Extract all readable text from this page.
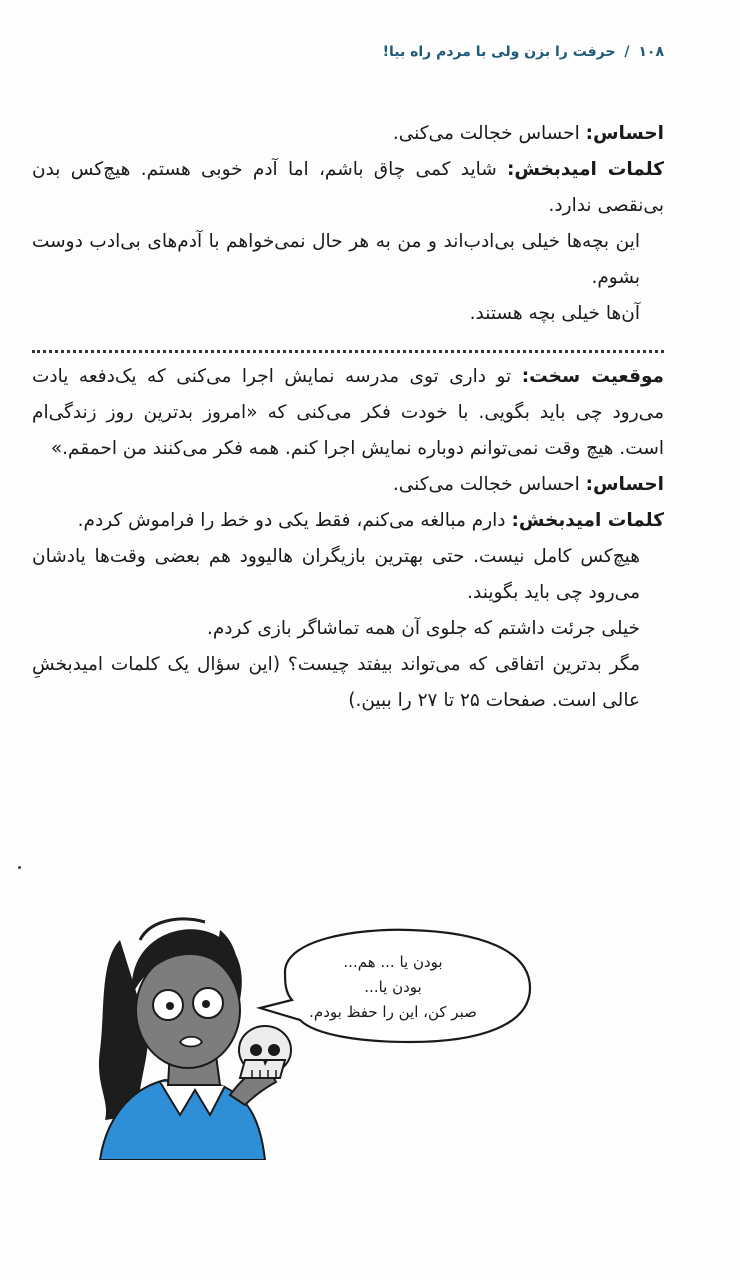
۱۰۸ / حرفت را بزن ولی با مردم راه بیا!

احساس: احساس خجالت می‌کنی.

کلمات امیدبخش: شاید کمی چاق باشم، اما آدم خوبی هستم. هیچ‌کس بدن بی‌نقصی ندارد.

این بچه‌ها خیلی بی‌ادب‌اند و من به هر حال نمی‌خواهم با آدم‌های بی‌ادب دوست بشوم.

آن‌ها خیلی بچه هستند.

موقعیت سخت: تو داری توی مدرسه نمایش اجرا می‌کنی که یک‌دفعه یادت می‌رود چی باید بگویی. با خودت فکر می‌کنی که «امروز بدترین روز زندگی‌ام است. هیچ وقت نمی‌توانم دوباره نمایش اجرا کنم. همه فکر می‌کنند من احمقم.»

احساس: احساس خجالت می‌کنی.

کلمات امیدبخش: دارم مبالغه می‌کنم، فقط یکی دو خط را فراموش کردم.

هیچ‌کس کامل نیست. حتی بهترین بازیگران هالیوود هم بعضی وقت‌ها یادشان می‌رود چی باید بگویند.

خیلی جرئت داشتم که جلوی آن همه تماشاگر بازی کردم.

مگر بدترین اتفاقی که می‌تواند بیفتد چیست؟ (این سؤال یک کلمات امیدبخشِ عالی است. صفحات ۲۵ تا ۲۷ را ببین.)

بودن یا ... هم...
بودن یا...
صبر کن، این را حفظ بودم.
